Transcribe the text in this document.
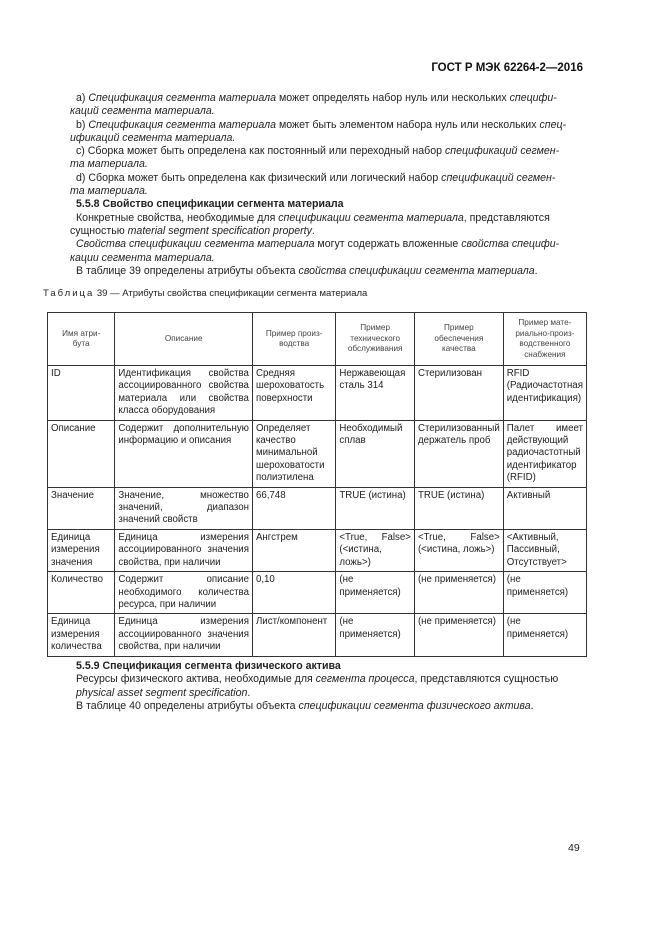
ГОСТ Р МЭК 62264-2—2016

а) Спецификация сегмента материала может определять набор нуль или нескольких специфи-

каций сегмента материала.

b) Спецификация сегмента материала может быть элементом набора нуль или нескольких спец-

ификаций сегмента материала.

с) Сборка может быть определена как постоянный или переходный набор спецификаций сегмен-

та материала.

d) Сборка может быть определена как физический или логический набор спецификаций сегмен-

та материала.

5.5.8 Свойство спецификации сегмента материала

Конкретные свойства, необходимые для спецификации сегмента материала, представляются

сущностью material segment specification property.

Свойства спецификации сегмента материала могут содержать вложенные свойства специфи-

кации сегмента материала.

В таблице 39 определены атрибуты объекта свойства спецификации сегмента материала.

Таблица 39 — Атрибуты свойства спецификации сегмента материала
Имя атри-
бута	Описание	Пример произ-
водства	Пример
технического
обслуживания	Пример
обеспечения
качества	Пример мате-
риально-произ-
водственного
снабжения
ID	Идентификация свойства ассоциированного свойства материала или свойства класса оборудования	Средняя шероховатость поверхности	Нержавеющая сталь 314	Стерилизован	RFID (Радиочастотная идентификация)
Описание	Содержит дополнительную информацию и описания	Определяет качество минимальной шероховатости полиэтилена	Необходимый сплав	Стерилизованный держатель проб	Палет имеет действующий радиочастотный идентификатор (RFID)
Значение	Значение, множество значений, диапазон значений свойств	66,748	TRUE (истина)	TRUE (истина)	Активный
Единица измерения значения	Единица измерения ассоциированного значения свойства, при наличии	Ангстрем	<True, False> (<истина, ложь>)	<True, False> (<истина, ложь>)	<Активный, Пассивный, Отсутствует>
Количество	Содержит описание необходимого количества ресурса, при наличии	0,10	(не применяется)	(не применяется)	(не применяется)
Единица измерения количества	Единица измерения ассоциированного значения свойства, при наличии	Лист/компонент	(не применяется)	(не применяется)	(не применяется)

5.5.9 Спецификация сегмента физического актива

Ресурсы физического актива, необходимые для сегмента процесса, представляются сущностью

physical asset segment specification.

В таблице 40 определены атрибуты объекта спецификации сегмента физического актива.

49
